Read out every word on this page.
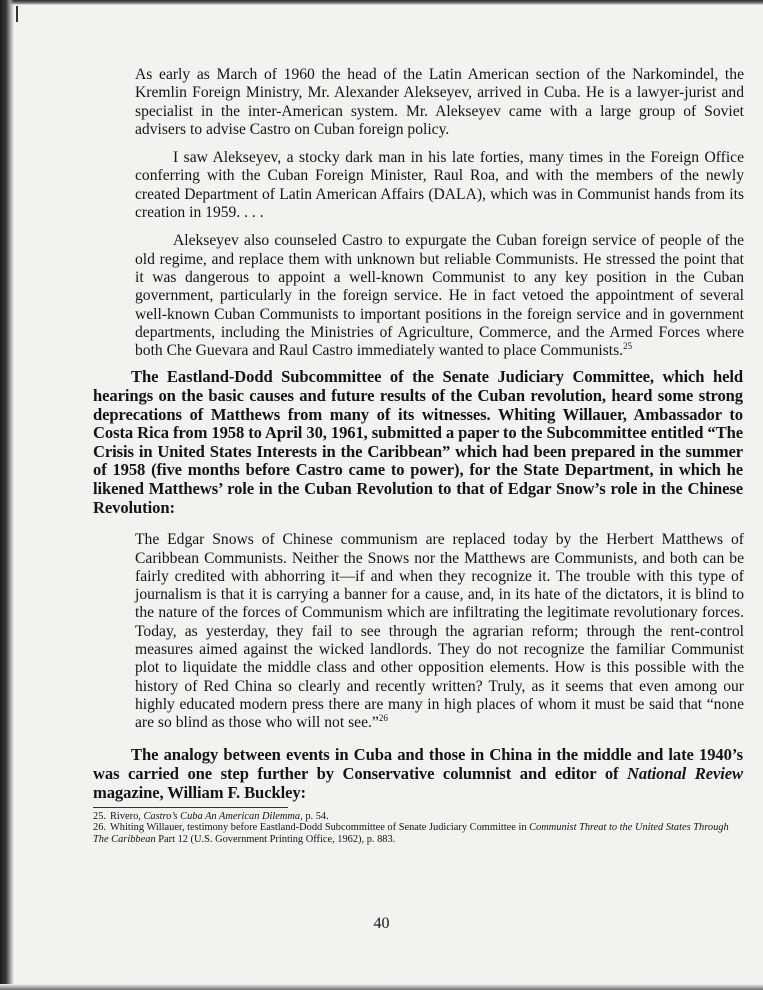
As early as March of 1960 the head of the Latin American section of the Narkomindel, the Kremlin Foreign Ministry, Mr. Alexander Alekseyev, arrived in Cuba. He is a lawyer-jurist and specialist in the inter-American system. Mr. Alekseyev came with a large group of Soviet advisers to advise Castro on Cuban foreign policy.

I saw Alekseyev, a stocky dark man in his late forties, many times in the Foreign Office conferring with the Cuban Foreign Minister, Raul Roa, and with the members of the newly created Department of Latin American Affairs (DALA), which was in Communist hands from its creation in 1959. . . .

Alekseyev also counseled Castro to expurgate the Cuban foreign service of people of the old regime, and replace them with unknown but reliable Communists. He stressed the point that it was dangerous to appoint a well-known Communist to any key position in the Cuban government, particularly in the foreign service. He in fact vetoed the appointment of several well-known Cuban Communists to important positions in the foreign service and in government departments, including the Ministries of Agriculture, Commerce, and the Armed Forces where both Che Guevara and Raul Castro immediately wanted to place Communists.$^{25}$

The Eastland-Dodd Subcommittee of the Senate Judiciary Committee, which held hearings on the basic causes and future results of the Cuban revolution, heard some strong deprecations of Matthews from many of its witnesses. Whiting Willauer, Ambassador to Costa Rica from 1958 to April 30, 1961, submitted a paper to the Subcommittee entitled “The Crisis in United States Interests in the Caribbean” which had been prepared in the summer of 1958 (five months before Castro came to power), for the State Department, in which he likened Matthews’ role in the Cuban Revolution to that of Edgar Snow’s role in the Chinese Revolution:

The Edgar Snows of Chinese communism are replaced today by the Herbert Matthews of Caribbean Communists. Neither the Snows nor the Matthews are Communists, and both can be fairly credited with abhorring it—if and when they recognize it. The trouble with this type of journalism is that it is carrying a banner for a cause, and, in its hate of the dictators, it is blind to the nature of the forces of Communism which are infiltrating the legitimate revolutionary forces. Today, as yesterday, they fail to see through the agrarian reform; through the rent-control measures aimed against the wicked landlords. They do not recognize the familiar Communist plot to liquidate the middle class and other opposition elements. How is this possible with the history of Red China so clearly and recently written? Truly, as it seems that even among our highly educated modern press there are many in high places of whom it must be said that “none are so blind as those who will not see.”$^{26}$

The analogy between events in Cuba and those in China in the middle and late 1940’s was carried one step further by Conservative columnist and editor of National Review magazine, William F. Buckley:

25. Rivero, Castro’s Cuba An American Dilemma, p. 54.

26. Whiting Willauer, testimony before Eastland-Dodd Subcommittee of Senate Judiciary Committee in Communist Threat to the United States Through The Caribbean Part 12 (U.S. Government Printing Office, 1962), p. 883.

40
